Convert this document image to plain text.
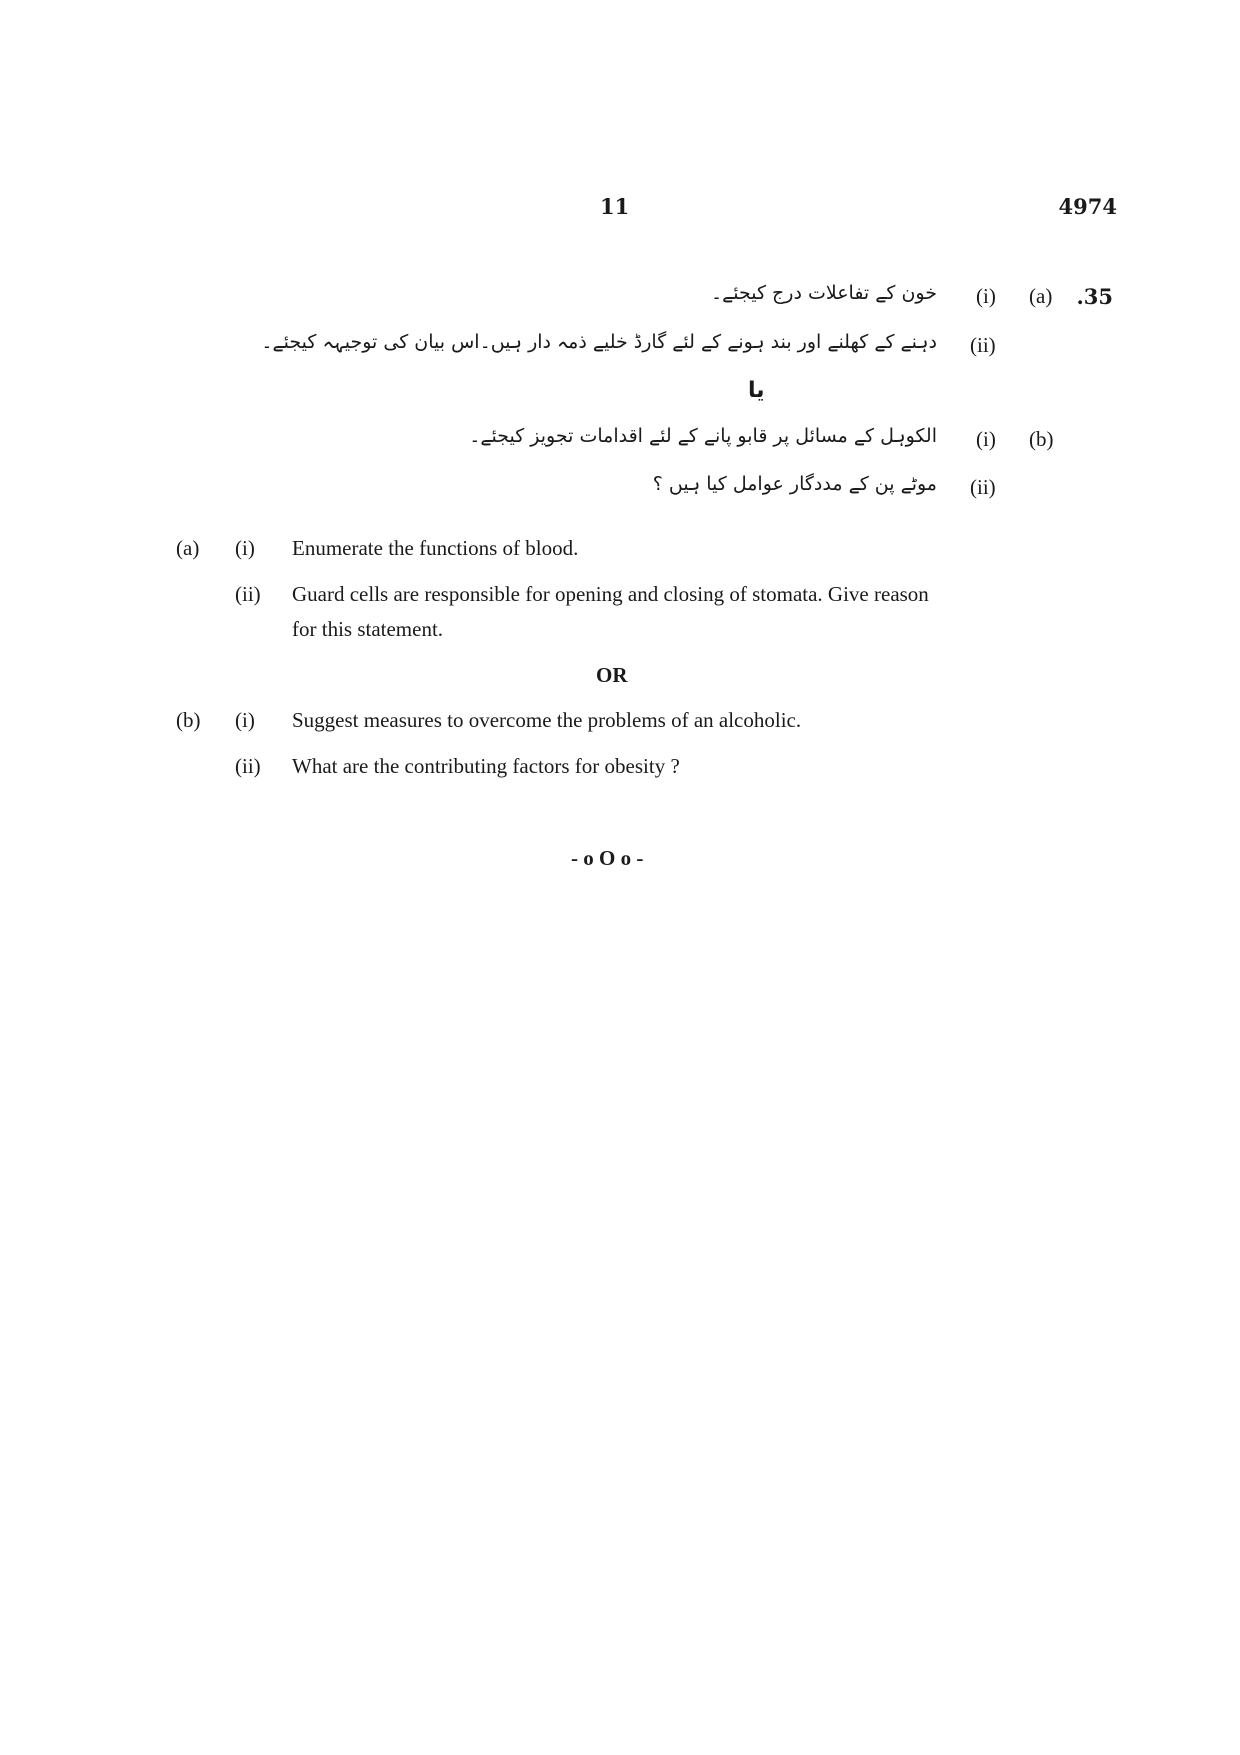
11	4974
.35
(a)
(i)
خون کے تفاعلات درج کیجئے۔
(ii)
دہنے کے کھلنے اور بند ہونے کے لئے گارڈ خلیے ذمہ دار ہیں۔اس بیان کی توجیہہ کیجئے۔
یا
(b)
(i)
الکوہل کے مسائل پر قابو پانے کے لئے اقدامات تجویز کیجئے۔
(ii)
موٹے پن کے مددگار عوامل کیا ہیں ؟
(a) (i) Enumerate the functions of blood.
(ii) Guard cells are responsible for opening and closing of stomata. Give reason
for this statement.
OR
(b) (i) Suggest measures to overcome the problems of an alcoholic.
(ii) What are the contributing factors for obesity ?
- o O o -
